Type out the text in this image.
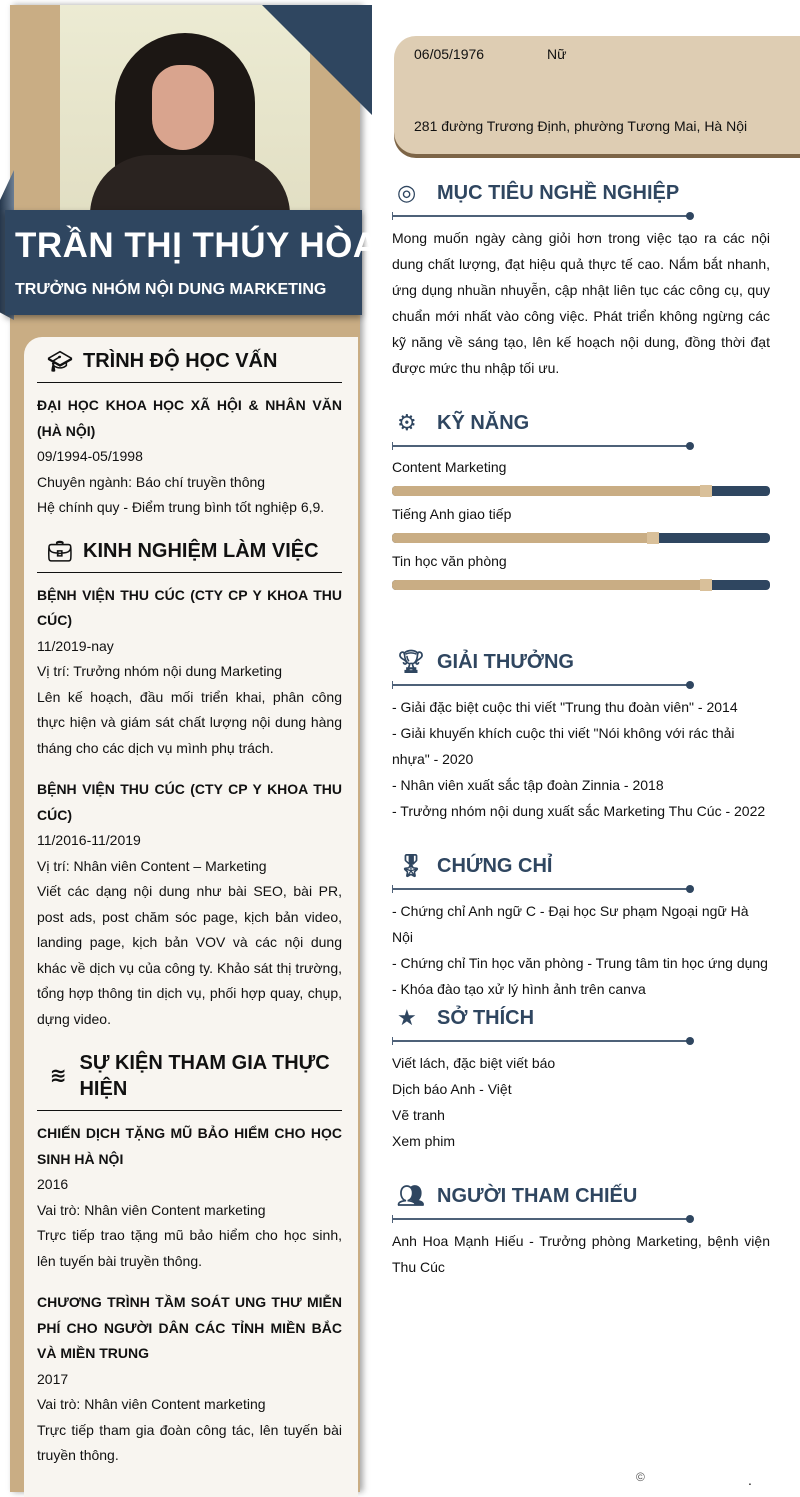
TRẦN THỊ THÚY HÒA
TRƯỞNG NHÓM NỘI DUNG MARKETING
🎓︎ TRÌNH ĐỘ HỌC VẤN
ĐẠI HỌC KHOA HỌC XÃ HỘI & NHÂN VĂN (HÀ NỘI)

09/1994-05/1998

Chuyên ngành: Báo chí truyền thông

Hệ chính quy - Điểm trung bình tốt nghiệp 6,9.

💼︎ KINH NGHIỆM LÀM VIỆC
BỆNH VIỆN THU CÚC (CTY CP Y KHOA THU CÚC)

11/2019-nay

Vị trí: Trưởng nhóm nội dung Marketing

Lên kế hoạch, đầu mối triển khai, phân công thực hiện và giám sát chất lượng nội dung hàng tháng cho các dịch vụ mình phụ trách.

BỆNH VIỆN THU CÚC (CTY CP Y KHOA THU CÚC)

11/2016-11/2019

Vị trí: Nhân viên Content – Marketing

Viết các dạng nội dung như bài SEO, bài PR, post ads, post chăm sóc page, kịch bản video, landing page, kịch bản VOV và các nội dung khác về dịch vụ của công ty. Khảo sát thị trường, tổng hợp thông tin dịch vụ, phối hợp quay, chụp, dựng video.

≋
SỰ KIỆN THAM GIA THỰC HIỆN
CHIẾN DỊCH TẶNG MŨ BẢO HIỂM CHO HỌC SINH HÀ NỘI

2016

Vai trò: Nhân viên Content marketing

Trực tiếp trao tặng mũ bảo hiểm cho học sinh, lên tuyến bài truyền thông.

CHƯƠNG TRÌNH TẦM SOÁT UNG THƯ MIỄN PHÍ CHO NGƯỜI DÂN CÁC TỈNH MIỀN BẮC VÀ MIỀN TRUNG

2017

Vai trò: Nhân viên Content marketing

Trực tiếp tham gia đoàn công tác, lên tuyến bài truyền thông.

06/05/1976	Nữ
281 đường Trương Định, phường Tương Mai, Hà Nội
◎	MỤC TIÊU NGHỀ NGHIỆP

Mong muốn ngày càng giỏi hơn trong việc tạo ra các nội dung chất lượng, đạt hiệu quả thực tế cao. Nắm bắt nhanh, ứng dụng nhuần nhuyễn, cập nhật liên tục các công cụ, quy chuẩn mới nhất vào công việc. Phát triển không ngừng các kỹ năng về sáng tạo, lên kế hoạch nội dung, đồng thời đạt được mức thu nhập tối ưu.

⚙	KỸ NĂNG
Content Marketing
Tiếng Anh giao tiếp
Tin học văn phòng
🏆︎ GIẢI THƯỞNG

- Giải đặc biệt cuộc thi viết "Trung thu đoàn viên" - 2014

- Giải khuyến khích cuộc thi viết "Nói không với rác thải nhựa" - 2020

- Nhân viên xuất sắc tập đoàn Zinnia - 2018

- Trưởng nhóm nội dung xuất sắc Marketing Thu Cúc - 2022

🎖︎ CHỨNG CHỈ

- Chứng chỉ Anh ngữ C - Đại học Sư phạm Ngoại ngữ Hà Nội

- Chứng chỉ Tin học văn phòng - Trung tâm tin học ứng dụng

- Khóa đào tạo xử lý hình ảnh trên canva

★	SỞ THÍCH

Viết lách, đặc biệt viết báo

Dịch báo Anh - Việt

Vẽ tranh

Xem phim

👥︎ NGƯỜI THAM CHIẾU

Anh Hoa Mạnh Hiếu - Trưởng phòng Marketing, bệnh viện Thu Cúc

©	.
